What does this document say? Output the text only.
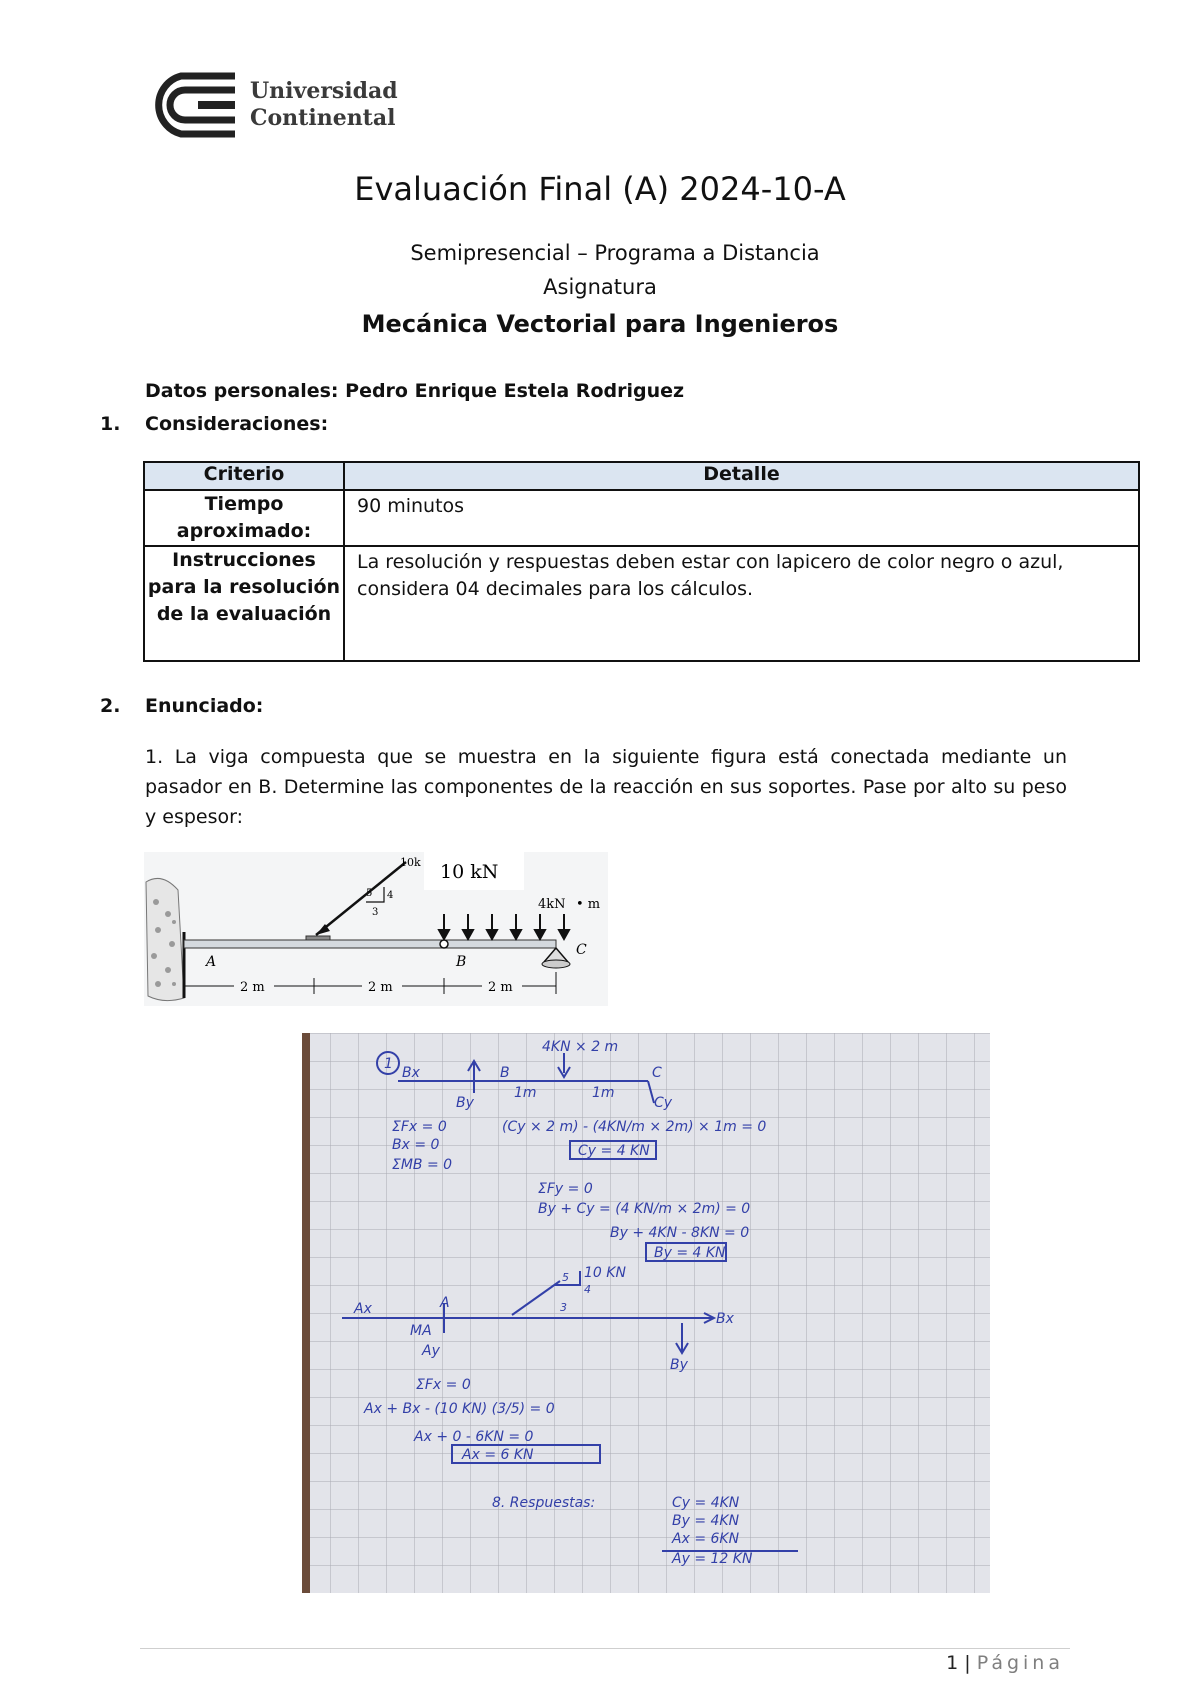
Universidad
Continental
Evaluación Final (A) 2024-10-A
Semipresencial – Programa a Distancia
Asignatura
Mecánica Vectorial para Ingenieros
Datos personales: Pedro Enrique Estela Rodriguez
1. Consideraciones:
Criterio	Detalle
Tiempo aproximado:	90 minutos
Instrucciones para la resolución de la evaluación	La resolución y respuestas deben estar con lapicero de color negro o azul, considera 04 decimales para los cálculos.
2. Enunciado:
1. La viga compuesta que se muestra en la siguiente figura está conectada mediante un pasador en B. Determine las componentes de la reacción en sus soportes. Pase por alto su peso y espesor:
5 4
3
10k 10 kN
4kN • m
A	B
C
2 m	2 m	2 m
1
4KN × 2 m
Bx
By
B	C
Cy
1m	1m
ΣFx = 0
Bx = 0
ΣMB = 0
(Cy × 2 m) - (4KN/m × 2m) × 1m = 0
Cy = 4 KN
ΣFy = 0
By + Cy = (4 KN/m × 2m) = 0
By + 4KN - 8KN = 0
By = 4 KN
10 KN
5
4
3
Ax	A
MA
Ay
Bx
By
ΣFx = 0
Ax + Bx - (10 KN) (3/5) = 0
Ax + 0 - 6KN = 0
Ax = 6 KN
8. Respuestas:	Cy = 4KN
By = 4KN
Ax = 6KN
Ay = 12 KN
1 | Página
